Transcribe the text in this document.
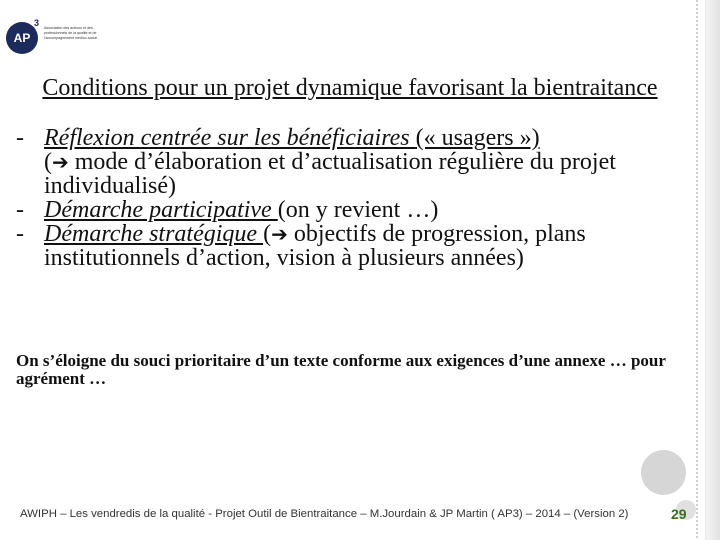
AP
3 Association des acteurs et des professionnels de la qualité et de l'accompagnement médico-social
Conditions pour un projet dynamique favorisant la bientraitance
- Réflexion centrée sur les bénéficiaires (« usagers »)
(➔ mode d’élaboration et d’actualisation régulière du projet individualisé)
- Démarche participative (on y revient …)
- Démarche stratégique (➔ objectifs de progression, plans institutionnels d’action, vision à plusieurs années)
On s’éloigne du souci prioritaire d’un texte conforme aux exigences d’une annexe … pour agrément …
AWIPH – Les vendredis de la qualité - Projet Outil de Bientraitance – M.Jourdain & JP Martin ( AP3) – 2014 – (Version 2)	29
